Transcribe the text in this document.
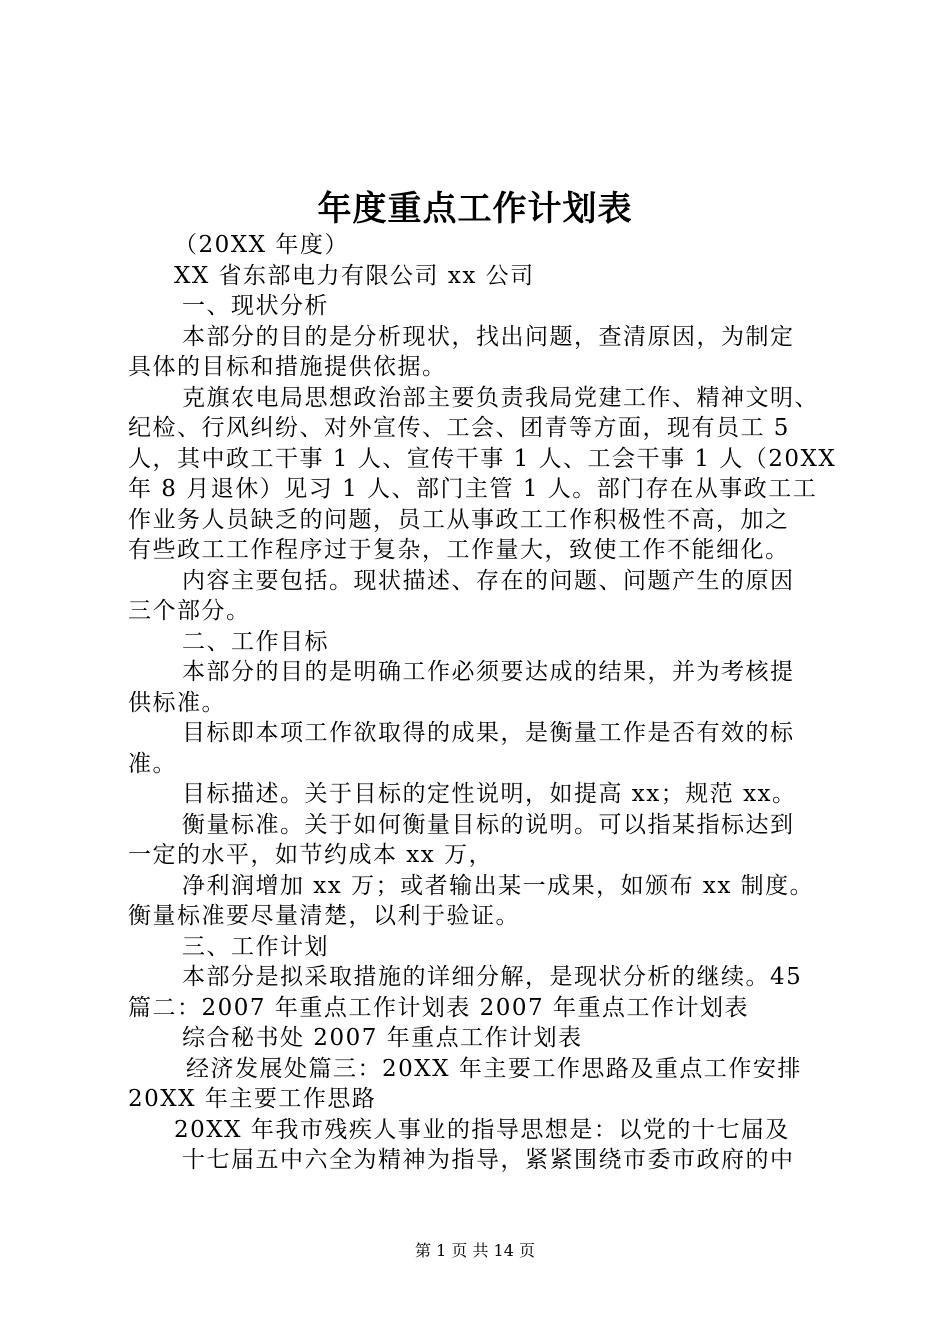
年度重点工作计划表
（20XX 年度）
XX 省东部电力有限公司 xx 公司
一、现状分析
本部分的目的是分析现状，找出问题，查清原因，为制定
具体的目标和措施提供依据。
克旗农电局思想政治部主要负责我局党建工作、精神文明、
纪检、行风纠纷、对外宣传、工会、团青等方面，现有员工 5
人，其中政工干事 1 人、宣传干事 1 人、工会干事 1 人（20XX
年 8 月退休）见习 1 人、部门主管 1 人。部门存在从事政工工
作业务人员缺乏的问题，员工从事政工工作积极性不高，加之
有些政工工作程序过于复杂，工作量大，致使工作不能细化。
内容主要包括。现状描述、存在的问题、问题产生的原因
三个部分。
二、工作目标
本部分的目的是明确工作必须要达成的结果，并为考核提
供标准。
目标即本项工作欲取得的成果，是衡量工作是否有效的标
准。
目标描述。关于目标的定性说明，如提高 xx；规范 xx。
衡量标准。关于如何衡量目标的说明。可以指某指标达到
一定的水平，如节约成本 xx 万，
净利润增加 xx 万；或者输出某一成果，如颁布 xx 制度。
衡量标准要尽量清楚，以利于验证。
三、工作计划
本部分是拟采取措施的详细分解，是现状分析的继续。45
篇二：2007 年重点工作计划表 2007 年重点工作计划表
综合秘书处 2007 年重点工作计划表
经济发展处篇三：20XX 年主要工作思路及重点工作安排
20XX 年主要工作思路
20XX 年我市残疾人事业的指导思想是：以党的十七届及
十七届五中六全为精神为指导，紧紧围绕市委市政府的中
第 1 页 共 14 页
